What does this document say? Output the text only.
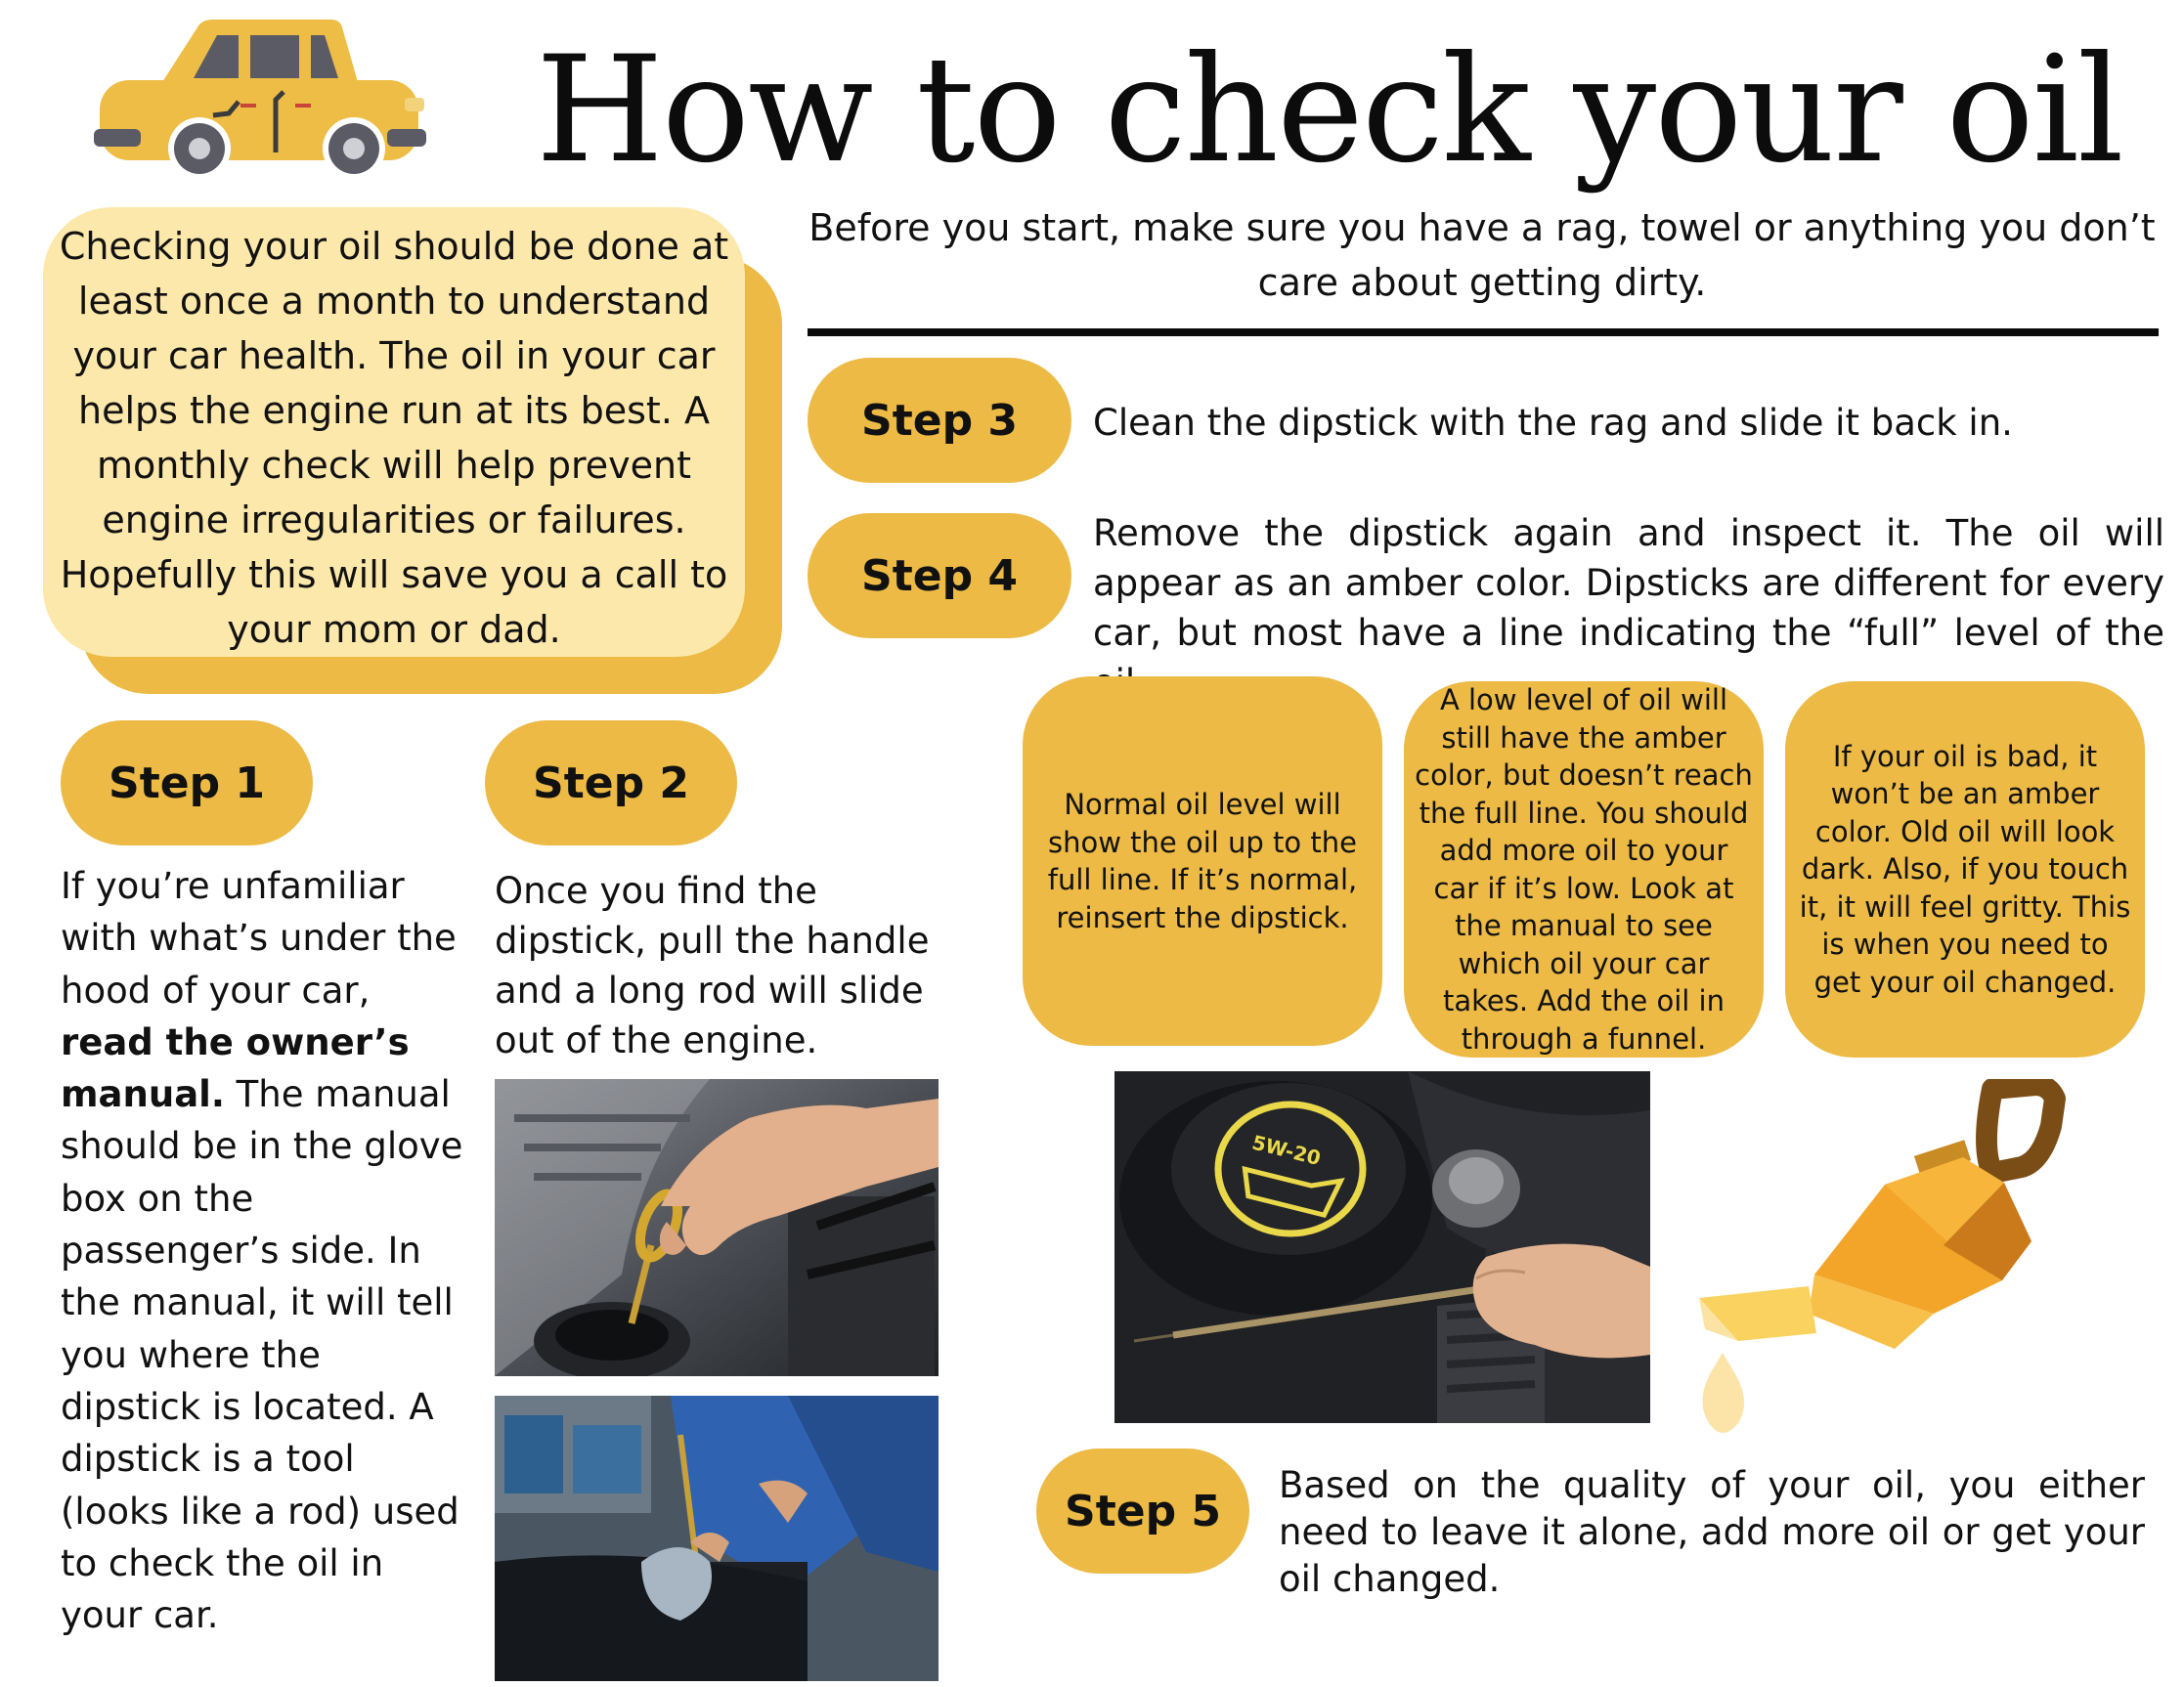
How to check your oil
Checking your oil should be done at least once a month to understand your car health. The oil in your car helps the engine run at its best. A monthly check will help prevent engine irregularities or failures. Hopefully this will save you a call to your mom or dad.
Before you start, make sure you have a rag, towel or anything you don’t care about getting dirty.
Step 3	Clean the dipstick with the rag and slide it back in.
Step 4
Remove the dipstick again and inspect it. The oil will appear as an amber color. Dipsticks are different for every car, but most have a line indicating the “full” level of the
Normal oil level will show the oil up to the full line. If it’s normal, reinsert the dipstick.
A low level of oil will still have the amber color, but doesn’t reach the full line. You should add more oil to your car if it’s low. Look at the manual to see which oil your car takes. Add the oil in through a funnel.
If your oil is bad, it won’t be an amber color. Old oil will look dark. Also, if you touch it, it will feel gritty. This is when you need to get your oil changed.
Step 1
If you’re unfamiliar with what’s under the hood of your car, read the owner’s manual. The manual should be in the glove box on the passenger’s side. In the manual, it will tell you where the dipstick is located. A dipstick is a tool (looks like a rod) used to check the oil in your car.
Step 2
Once you find the dipstick, pull the handle and a long rod will slide out of the engine.
5W-20
Step 5
Based on the quality of your oil, you either need to leave it alone, add more oil or get your oil changed.
